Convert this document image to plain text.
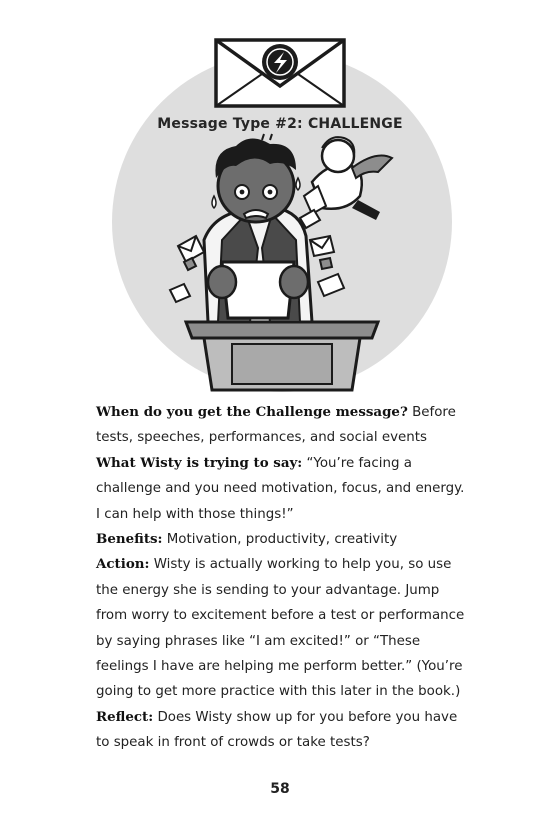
Message Type #2: CHALLENGE

When do you get the Challenge message? Before tests, speeches, performances, and social events

What Wisty is trying to say: “You’re facing a challenge and you need motivation, focus, and energy. I can help with those things!”

Benefits: Motivation, productivity, creativity

Action: Wisty is actually working to help you, so use the energy she is sending to your advantage. Jump from worry to excitement before a test or performance by saying phrases like “I am excited!” or “These feelings I have are helping me perform better.” (You’re going to get more practice with this later in the book.)

Reflect: Does Wisty show up for you before you have to speak in front of crowds or take tests?

58
